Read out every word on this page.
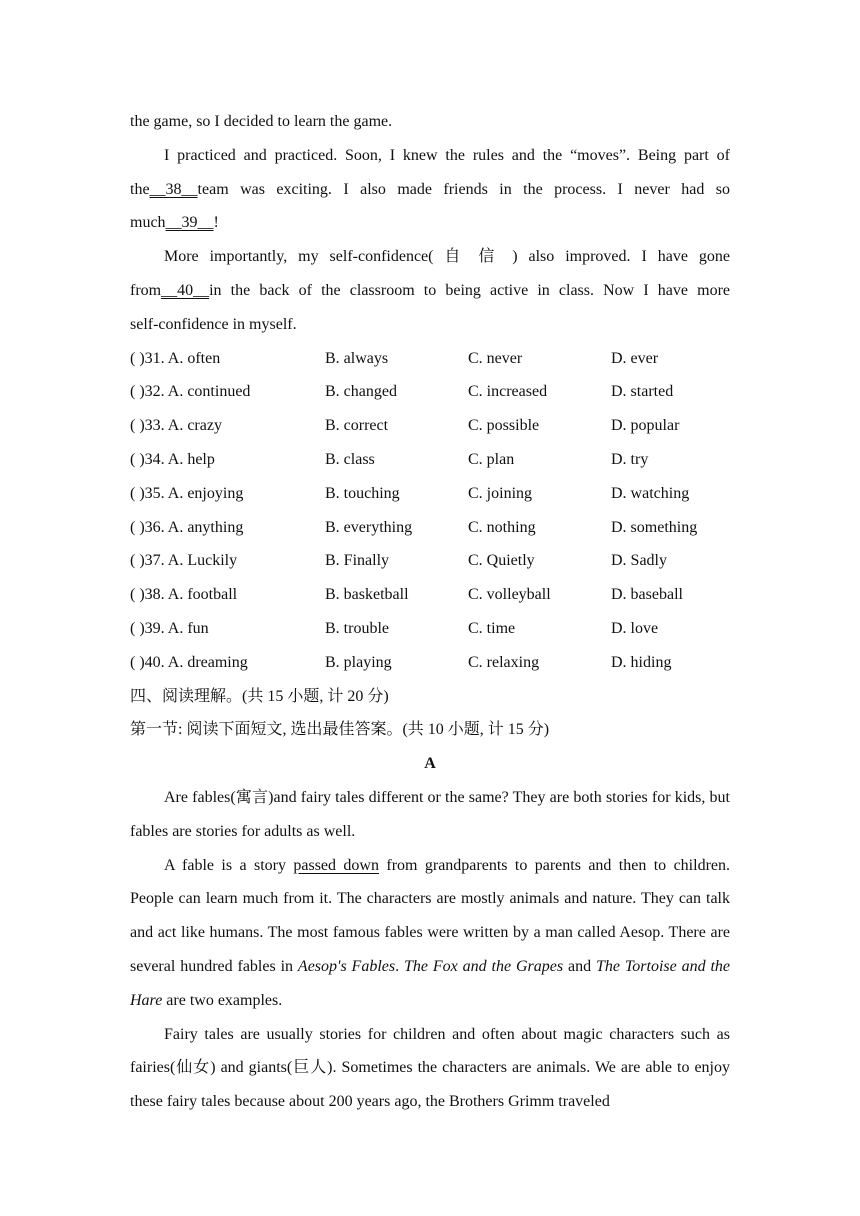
the game, so I decided to learn the game.
I practiced and practiced. Soon, I knew the rules and the “moves”. Being part of
the __38__ team was exciting. I also made friends in the process. I never had so
much__39__!
More importantly, my self-confidence( 自 信 ) also improved. I have gone
from __40__ in the back of the classroom to being active in class. Now I have more
self-confidence in myself.
( )31. A. often	B. always	C. never	D. ever
( )32. A. continued	B. changed	C. increased	D. started
( )33. A. crazy	B. correct	C. possible	D. popular
( )34. A. help	B. class	C. plan	D. try
( )35. A. enjoying	B. touching	C. joining	D. watching
( )36. A. anything	B. everything	C. nothing	D. something
( )37. A. Luckily	B. Finally	C. Quietly	D. Sadly
( )38. A. football	B. basketball	C. volleyball	D. baseball
( )39. A. fun	B. trouble	C. time	D. love
( )40. A. dreaming	B. playing	C. relaxing	D. hiding
四、阅读理解。(共 15 小题, 计 20 分)
第一节: 阅读下面短文, 选出最佳答案。(共 10 小题, 计 15 分)
A

Are fables(寓言)and fairy tales different or the same? They are both stories for kids, but fables are stories for adults as well.

A fable is a story passed down from grandparents to parents and then to children. People can learn much from it. The characters are mostly animals and nature. They can talk and act like humans. The most famous fables were written by a man called Aesop. There are several hundred fables in Aesop's Fables. The Fox and the Grapes and The Tortoise and the Hare are two examples.

Fairy tales are usually stories for children and often about magic characters such as fairies(仙女) and giants(巨人). Sometimes the characters are animals. We are able to enjoy these fairy tales because about 200 years ago, the Brothers Grimm traveled
